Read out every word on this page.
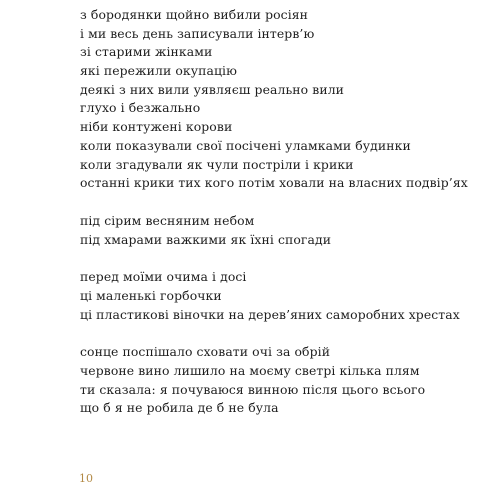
з бородянки щойно вибили росіян
і ми весь день записували інтерв’ю
зі старими жінками
які пережили окупацію
деякі з них вили уявляєш реально вили
глухо і безжально
ніби контужені корови
коли показували свої посічені уламками будинки
коли згадували як чули постріли і крики
останні крики тих кого потім ховали на власних подвір’ях
під сірим весняним небом
під хмарами важкими як їхні спогади
перед моїми очима і досі
ці маленькі горбочки
ці пластикові віночки на дерев’яних саморобних хрестах
сонце поспішало сховати очі за обрій
червоне вино лишило на моєму светрі кілька плям
ти сказала: я почуваюся винною після цього всього
що б я не робила де б не була
10
